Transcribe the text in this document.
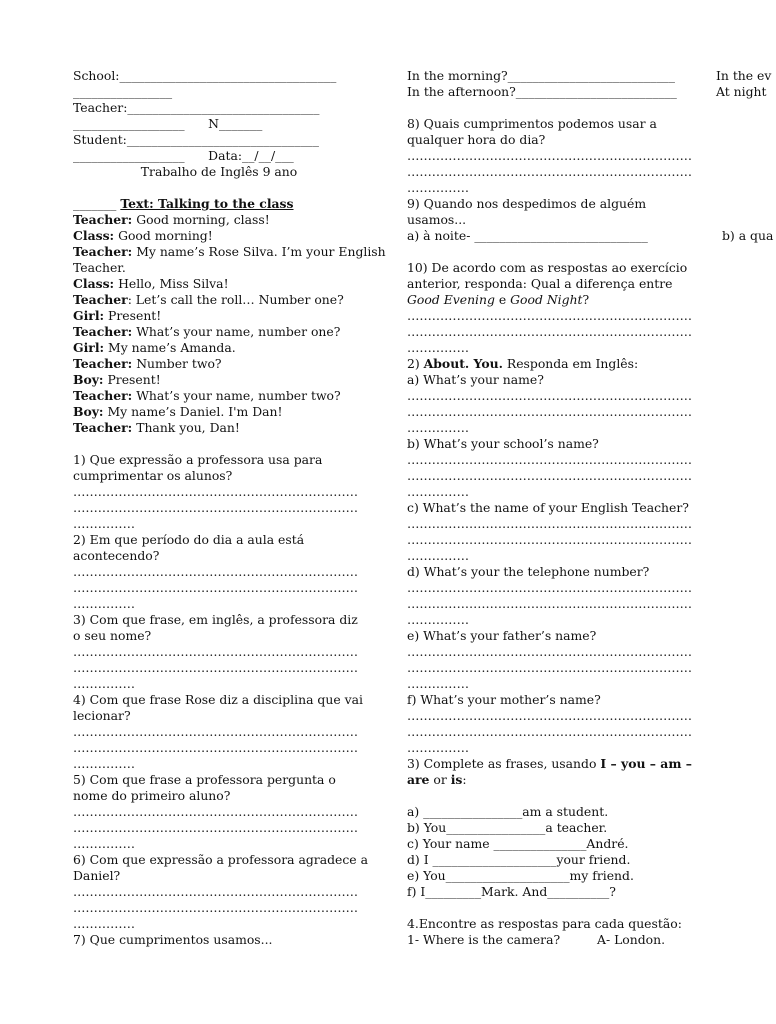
School:___________________________________
________________
Teacher:_______________________________
__________________      N_______
Student:_______________________________
__________________      Data:__/__/___
Trabalho de Inglês 9 ano
_______ Text: Talking to the class
Teacher: Good morning, class!
Class: Good morning!
Teacher: My name’s Rose Silva. I’m your English
Teacher.
Class: Hello, Miss Silva!
Teacher: Let’s call the roll… Number one?
Girl: Present!
Teacher: What’s your name, number one?
Girl: My name’s Amanda.
Teacher: Number two?
Boy: Present!
Teacher: What’s your name, number two?
Boy: My name’s Daniel. I'm Dan!
Teacher: Thank you, Dan!
1) Que expressão a professora usa para
cumprimentar os alunos?
……………………………………………………………
……………………………………………………………
……………
2) Em que período do dia a aula está
acontecendo?
……………………………………………………………
……………………………………………………………
……………
3) Com que frase, em inglês, a professora diz
o seu nome?
……………………………………………………………
……………………………………………………………
……………
4) Com que frase Rose diz a disciplina que vai
lecionar?
……………………………………………………………
……………………………………………………………
……………
5) Com que frase a professora pergunta o
nome do primeiro aluno?
……………………………………………………………
……………………………………………………………
……………
6) Com que expressão a professora agradece a
Daniel?
……………………………………………………………
……………………………………………………………
……………
7) Que cumprimentos usamos...
In the morning?___________________________
In the afternoon?__________________________
8) Quais cumprimentos podemos usar a
qualquer hora do dia?
……………………………………………………………
……………………………………………………………
……………
9) Quando nos despedimos de alguém
usamos...
a) à noite- ____________________________	b) a qua
10) De acordo com as respostas ao exercício
anterior, responda: Qual a diferença entre
Good Evening e Good Night?
……………………………………………………………
……………………………………………………………
……………
2) About. You. Responda em Inglês:
a) What’s your name?
……………………………………………………………
……………………………………………………………
……………
b) What’s your school’s name?
……………………………………………………………
……………………………………………………………
……………
c) What’s the name of your English Teacher?
……………………………………………………………
……………………………………………………………
……………
d) What’s your the telephone number?
……………………………………………………………
……………………………………………………………
……………
e) What’s your father’s name?
……………………………………………………………
……………………………………………………………
……………
f) What’s your mother’s name?
……………………………………………………………
……………………………………………………………
……………
3) Complete as frases, usando I – you – am –
are or is:
a) ________________am a student.
b) You________________a teacher.
c) Your name _______________André.
d) I ____________________your friend.
e) You____________________my friend.
f) I_________Mark. And__________?
4.Encontre as respostas para cada questão:
1- Where is the camera?	A- London.
In the ev
At night
